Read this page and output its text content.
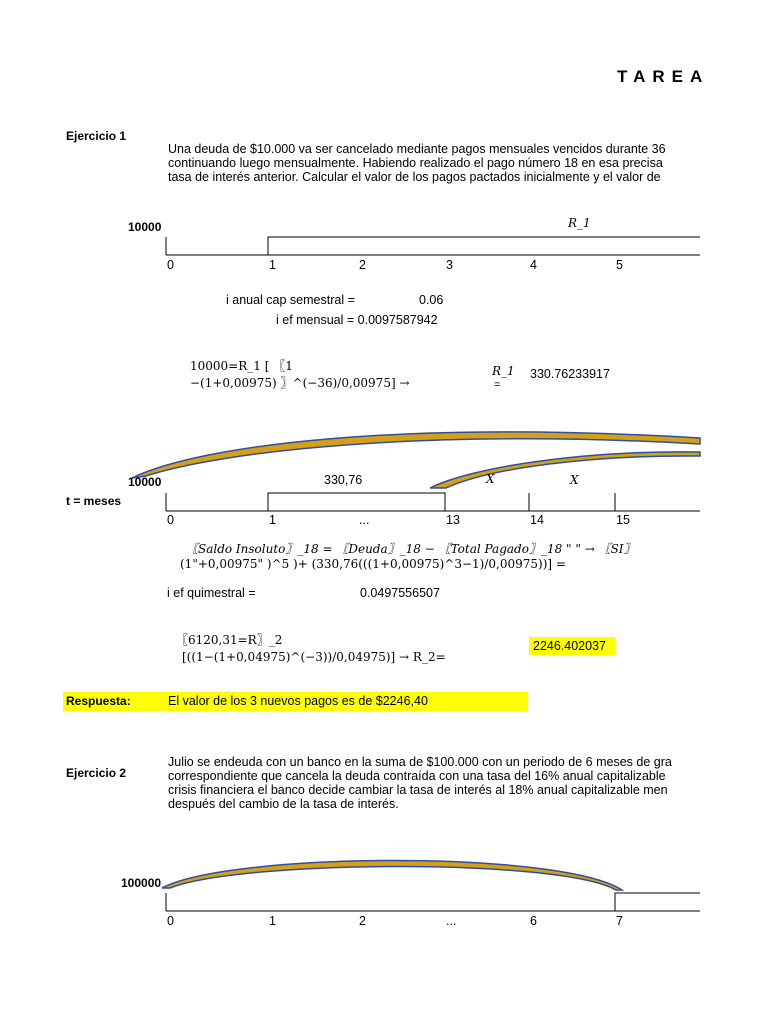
TAREA
Ejercicio 1
Una deuda de $10.000 va ser cancelado mediante pagos mensuales vencidos durante 36
continuando luego mensualmente. Habiendo realizado el pago número 18 en esa precisa
tasa de interés anterior. Calcular el valor de los pagos pactados inicialmente y el valor de
10000	R_1
0	1	2	3	4	5
i anual cap semestral =	0.06
i ef mensual = 0.0097587942
10000=R_1 [ 〖1
−(1+0,00975) 〗^(−36)/0,00975] →
R_1
=
330.76233917
10000	330,76	X	X
t = meses
0	1	...	13	14	15
〖Saldo Insoluto〗_18 = 〖Deuda〗_18 − 〖Total Pagado〗_18 " " → 〖SI〗
(1"+0,00975" )^5 )+ (330,76(((1+0,00975)^3−1)/0,00975))] =
i ef quimestral =	0.0497556507
〖6120,31=R〗_2
[((1−(1+0,04975)^(−3))/0,04975)] → R_2=
2246.402037
Respuesta:	El valor de los 3 nuevos pagos es de $2246,40
Ejercicio 2
Julio se endeuda con un banco en la suma de $100.000 con un periodo de 6 meses de gra
correspondiente que cancela la deuda contraída con una tasa del 16% anual capitalizable
crisis financiera el banco decide cambiar la tasa de interés al 18% anual capitalizable men
después del cambio de la tasa de interés.
100000
0	1	2	...	6	7
